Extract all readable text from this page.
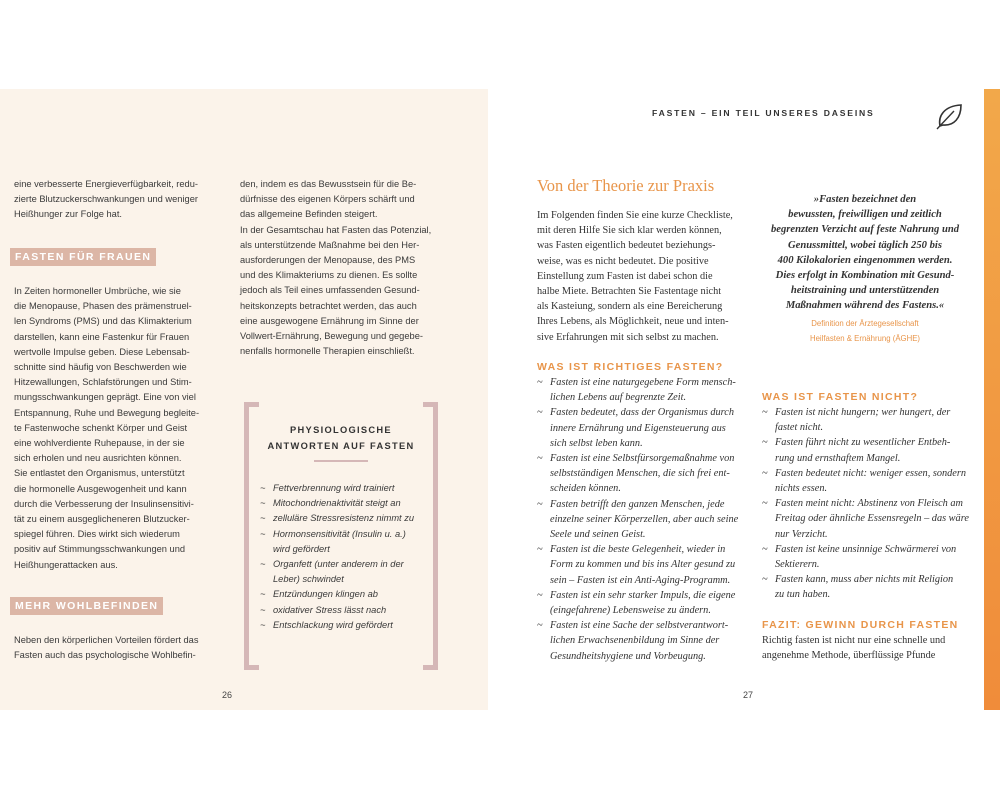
eine verbesserte Energieverfügbarkeit, redu-
zierte Blutzuckerschwankungen und weniger
Heißhunger zur Folge hat.
FASTEN FÜR FRAUEN
In Zeiten hormoneller Umbrüche, wie sie
die Menopause, Phasen des prämenstruel-
len Syndroms (PMS) und das Klimakterium
darstellen, kann eine Fastenkur für Frauen
wertvolle Impulse geben. Diese Lebensab-
schnitte sind häufig von Beschwerden wie
Hitzewallungen, Schlafstörungen und Stim-
mungsschwankungen geprägt. Eine von viel
Entspannung, Ruhe und Bewegung begleite-
te Fastenwoche schenkt Körper und Geist
eine wohlverdiente Ruhepause, in der sie
sich erholen und neu ausrichten können.
Sie entlastet den Organismus, unterstützt
die hormonelle Ausgewogenheit und kann
durch die Verbesserung der Insulinsensitivi-
tät zu einem ausgeglicheneren Blutzucker-
spiegel führen. Dies wirkt sich wiederum
positiv auf Stimmungsschwankungen und
Heißhungerattacken aus.
MEHR WOHLBEFINDEN
Neben den körperlichen Vorteilen fördert das
Fasten auch das psychologische Wohlbefin-
den, indem es das Bewusstsein für die Be-
dürfnisse des eigenen Körpers schärft und
das allgemeine Befinden steigert.
In der Gesamtschau hat Fasten das Potenzial,
als unterstützende Maßnahme bei den Her-
ausforderungen der Menopause, des PMS
und des Klimakteriums zu dienen. Es sollte
jedoch als Teil eines umfassenden Gesund-
heitskonzepts betrachtet werden, das auch
eine ausgewogene Ernährung im Sinne der
Vollwert-Ernährung, Bewegung und gegebe-
nenfalls hormonelle Therapien einschließt.
PHYSIOLOGISCHE
ANTWORTEN AUF FASTEN
~ Fettverbrennung wird trainiert
~ Mitochondrienaktivität steigt an
~ zelluläre Stressresistenz nimmt zu
~ Hormonsensitivität (Insulin u. a.)
wird gefördert
~ Organfett (unter anderem in der
Leber) schwindet
~ Entzündungen klingen ab
~ oxidativer Stress lässt nach
~ Entschlackung wird gefördert
26
FASTEN – EIN TEIL UNSERES DASEINS
Von der Theorie zur Praxis
Im Folgenden finden Sie eine kurze Checkliste,
mit deren Hilfe Sie sich klar werden können,
was Fasten eigentlich bedeutet beziehungs-
weise, was es nicht bedeutet. Die positive
Einstellung zum Fasten ist dabei schon die
halbe Miete. Betrachten Sie Fastentage nicht
als Kasteiung, sondern als eine Bereicherung
Ihres Lebens, als Möglichkeit, neue und inten-
sive Erfahrungen mit sich selbst zu machen.
WAS IST RICHTIGES FASTEN?
~ Fasten ist eine naturgegebene Form mensch-
lichen Lebens auf begrenzte Zeit.
~ Fasten bedeutet, dass der Organismus durch
innere Ernährung und Eigensteuerung aus
sich selbst leben kann.
~ Fasten ist eine Selbstfürsorgemaßnahme von
selbstständigen Menschen, die sich frei ent-
scheiden können.
~ Fasten betrifft den ganzen Menschen, jede
einzelne seiner Körperzellen, aber auch seine
Seele und seinen Geist.
~ Fasten ist die beste Gelegenheit, wieder in
Form zu kommen und bis ins Alter gesund zu
sein – Fasten ist ein Anti-Aging-Programm.
~ Fasten ist ein sehr starker Impuls, die eigene
(eingefahrene) Lebensweise zu ändern.
~ Fasten ist eine Sache der selbstverantwort-
lichen Erwachsenenbildung im Sinne der
Gesundheitshygiene und Vorbeugung.
»Fasten bezeichnet den
bewussten, freiwilligen und zeitlich
begrenzten Verzicht auf feste Nahrung und
Genussmittel, wobei täglich 250 bis
400 Kilokalorien eingenommen werden.
Dies erfolgt in Kombination mit Gesund-
heitstraining und unterstützenden
Maßnahmen während des Fastens.«
Definition der Ärztegesellschaft
Heilfasten & Ernährung (ÄGHE)
WAS IST FASTEN NICHT?
~ Fasten ist nicht hungern; wer hungert, der
fastet nicht.
~ Fasten führt nicht zu wesentlicher Entbeh-
rung und ernsthaftem Mangel.
~ Fasten bedeutet nicht: weniger essen, sondern
nichts essen.
~ Fasten meint nicht: Abstinenz von Fleisch am
Freitag oder ähnliche Essensregeln – das wäre
nur Verzicht.
~ Fasten ist keine unsinnige Schwärmerei von
Sektierern.
~ Fasten kann, muss aber nichts mit Religion
zu tun haben.
FAZIT: GEWINN DURCH FASTEN
Richtig fasten ist nicht nur eine schnelle und
angenehme Methode, überflüssige Pfunde
27
